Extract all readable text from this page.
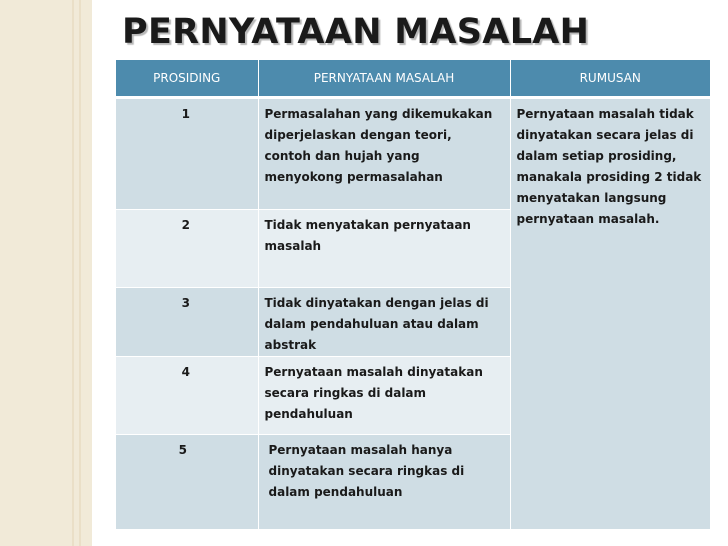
PERNYATAAN MASALAH
PROSIDING	PERNYATAAN MASALAH	RUMUSAN
1	Permasalahan yang dikemukakan diperjelaskan dengan teori, contoh dan hujah yang menyokong permasalahan	Pernyataan masalah tidak dinyatakan secara jelas di dalam setiap prosiding, manakala prosiding 2 tidak menyatakan langsung pernyataan masalah.
2	Tidak menyatakan pernyataan masalah	
3	Tidak dinyatakan dengan jelas di dalam pendahuluan atau dalam abstrak	
4	Pernyataan masalah dinyatakan secara ringkas di dalam pendahuluan	
5	Pernyataan masalah hanya dinyatakan secara ringkas di dalam pendahuluan	
